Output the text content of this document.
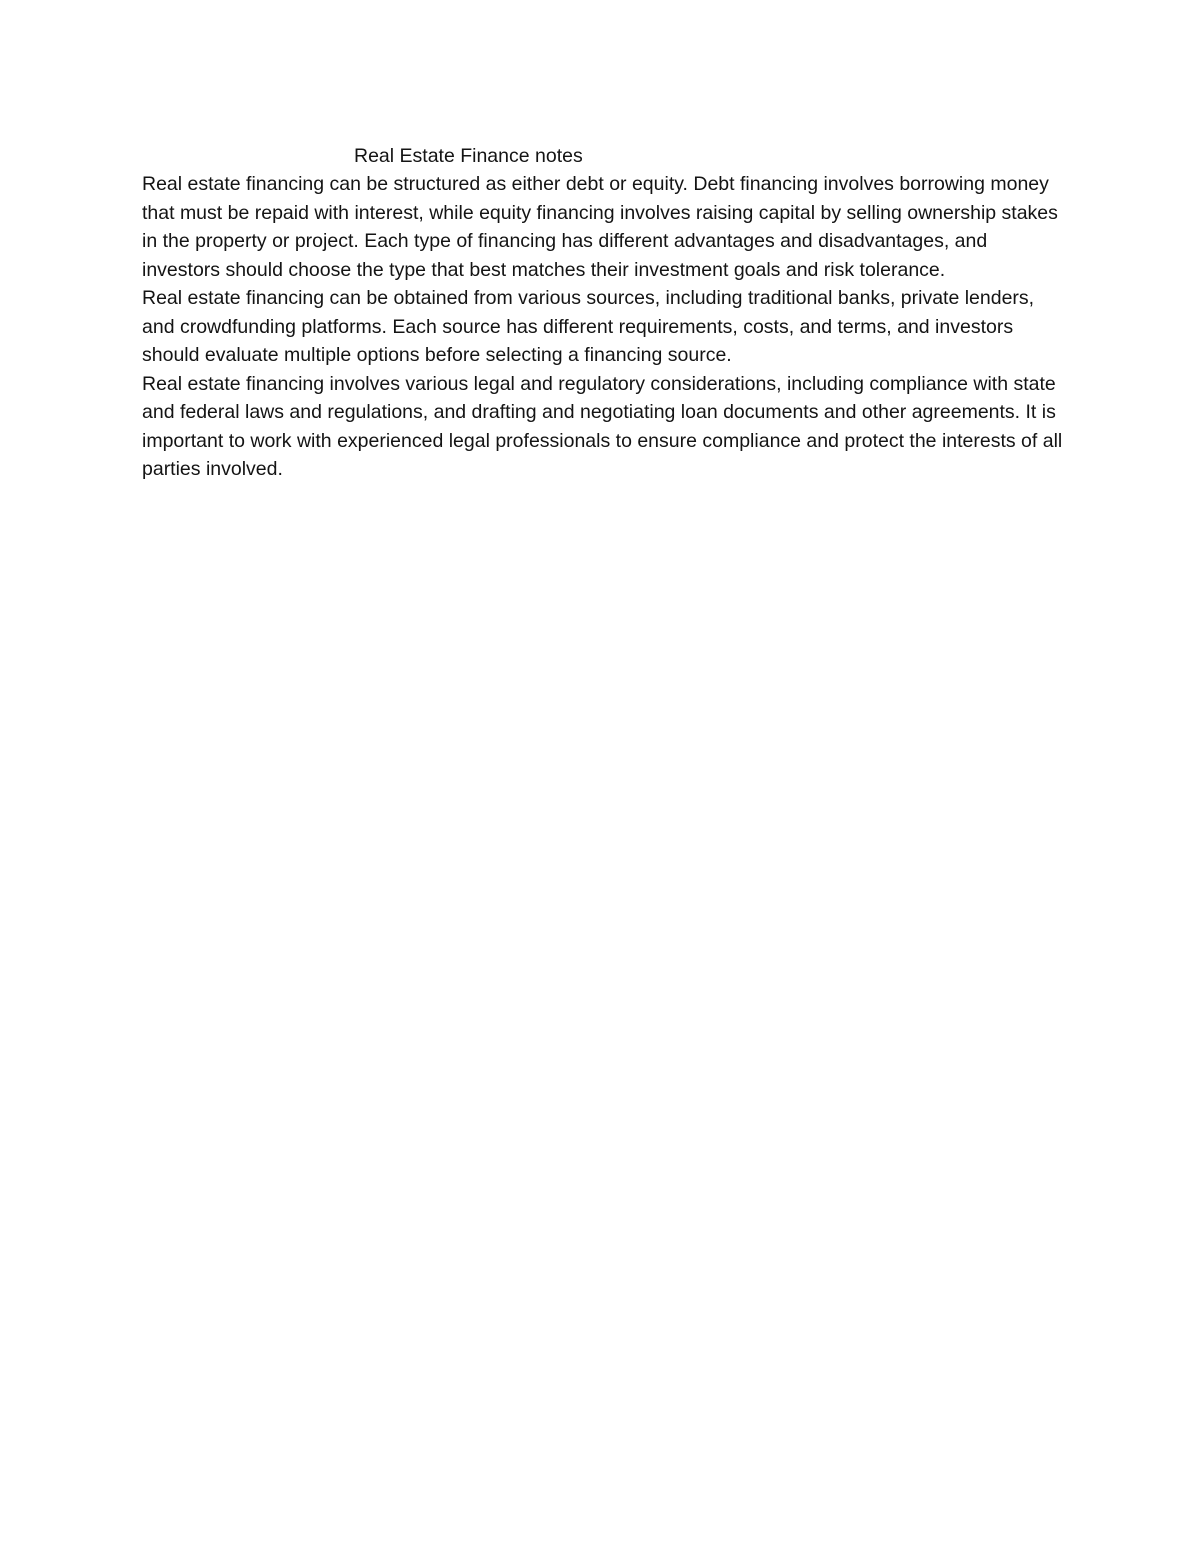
Real Estate Finance notes

Real estate financing can be structured as either debt or equity. Debt financing involves borrowing money that must be repaid with interest, while equity financing involves raising capital by selling ownership stakes in the property or project. Each type of financing has different advantages and disadvantages, and investors should choose the type that best matches their investment goals and risk tolerance.

Real estate financing can be obtained from various sources, including traditional banks, private lenders, and crowdfunding platforms. Each source has different requirements, costs, and terms, and investors should evaluate multiple options before selecting a financing source.

Real estate financing involves various legal and regulatory considerations, including compliance with state and federal laws and regulations, and drafting and negotiating loan documents and other agreements. It is important to work with experienced legal professionals to ensure compliance and protect the interests of all parties involved.
